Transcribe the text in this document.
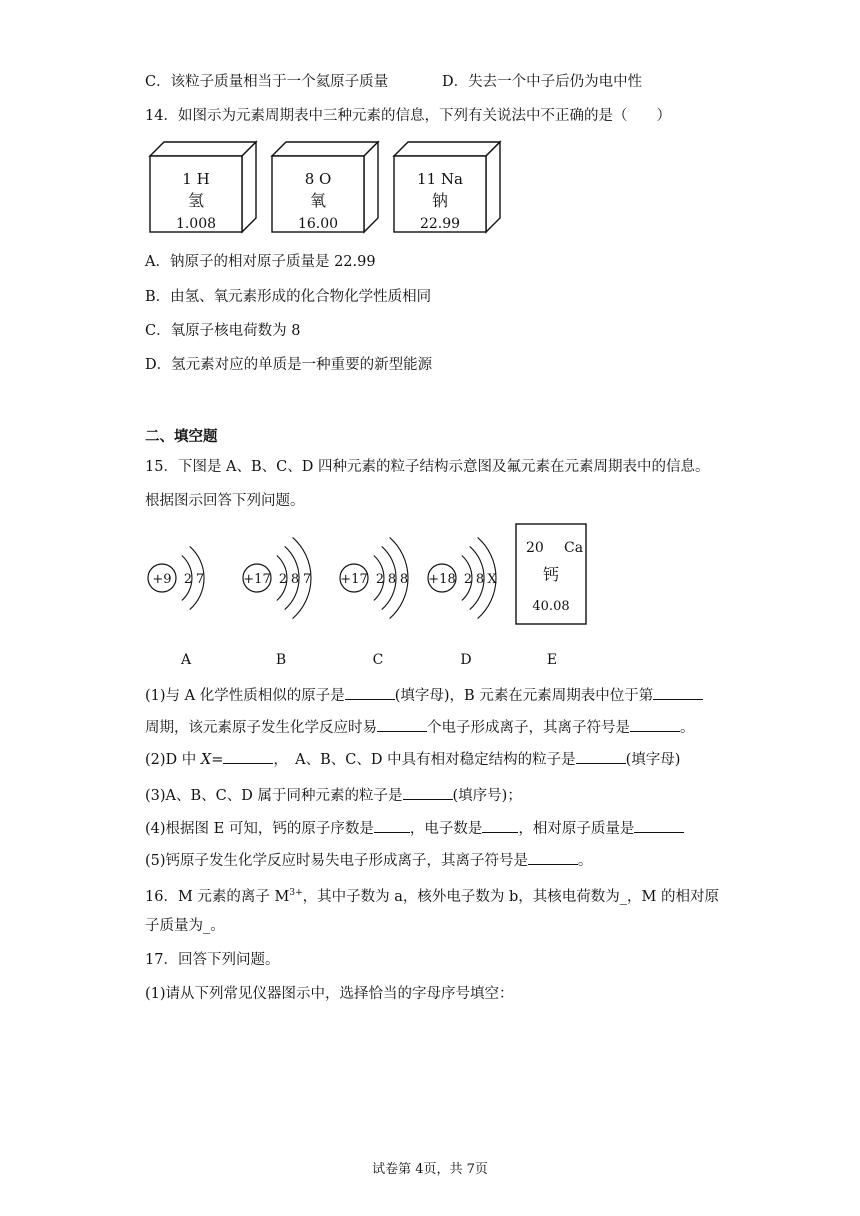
C．该粒子质量相当于一个氦原子质量	D．失去一个中子后仍为电中性
14．如图示为元素周期表中三种元素的信息，下列有关说法中不正确的是（　　）
1 H
氢
1.008
8 O
氧
16.00
11 Na
钠
22.99
A．钠原子的相对原子质量是 22.99
B．由氢、氧元素形成的化合物化学性质相同
C．氧原子核电荷数为 8
D．氢元素对应的单质是一种重要的新型能源
二、填空题
15．下图是 A、B、C、D 四种元素的粒子结构示意图及氟元素在元素周期表中的信息。
根据图示回答下列问题。
+9 2 7
A
+17 2 8 7
B
+17 2 8 8
C
+18 2 8 X
D
20 Ca
钙
40.08
E
(1)与 A 化学性质相似的原子是	(填字母)，B 元素在元素周期表中位于第
周期，该元素原子发生化学反应时易	个电子形成离子，其离子符号是	。
(2)D 中 X=	，　A、B、C、D 中具有相对稳定结构的粒子是	(填字母)
(3)A、B、C、D 属于同种元素的粒子是	(填序号)；
(4)根据图 E 可知，钙的原子序数是 ，电子数是 ，相对原子质量是
(5)钙原子发生化学反应时易失电子形成离子，其离子符号是	。
16．M 元素的离子 $M^{3+}$，其中子数为 a，核外电子数为 b，其核电荷数为_，M 的相对原
子质量为_。
17．回答下列问题。
(1)请从下列常见仪器图示中，选择恰当的字母序号填空：
试卷第 4页，共 7页
